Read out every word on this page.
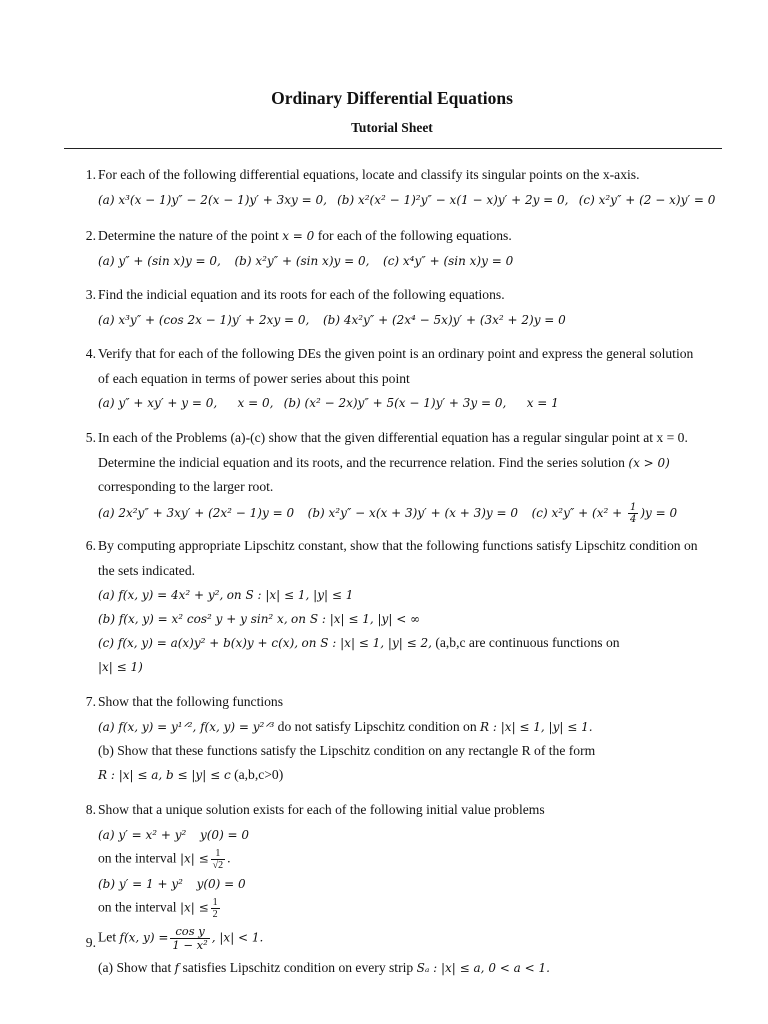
Ordinary Differential Equations
Tutorial Sheet
1. For each of the following differential equations, locate and classify its singular points on the x-axis.
(a) x³(x − 1)y″ − 2(x − 1)y′ + 3xy = 0, (b) x²(x² − 1)²y″ − x(1 − x)y′ + 2y = 0, (c) x²y″ + (2 − x)y′ = 0
2. Determine the nature of the point x = 0 for each of the following equations.
(a) y″ + (sin x)y = 0, (b) x²y″ + (sin x)y = 0, (c) x⁴y″ + (sin x)y = 0
3. Find the indicial equation and its roots for each of the following equations.
(a) x³y″ + (cos 2x − 1)y′ + 2xy = 0, (b) 4x²y″ + (2x⁴ − 5x)y′ + (3x² + 2)y = 0
4. Verify that for each of the following DEs the given point is an ordinary point and express the general solution
of each equation in terms of power series about this point
(a) y″ + xy′ + y = 0, x = 0, (b) (x² − 2x)y″ + 5(x − 1)y′ + 3y = 0, x = 1
5. In each of the Problems (a)-(c) show that the given differential equation has a regular singular point at x = 0.
Determine the indicial equation and its roots, and the recurrence relation. Find the series solution (x > 0)
corresponding to the larger root.
(a) 2x²y″ + 3xy′ + (2x² − 1)y = 0 (b) x²y″ − x(x + 3)y′ + (x + 3)y = 0 (c) $x^2y'' + (x^2 + \frac{1}{4} )y = 0$
6. By computing appropriate Lipschitz constant, show that the following functions satisfy Lipschitz condition on
the sets indicated.
(a) f(x, y) = 4x² + y², on S : |x| ≤ 1, |y| ≤ 1
(b) f(x, y) = x² cos² y + y sin² x, on S : |x| ≤ 1, |y| < ∞
(c) f(x, y) = a(x)y² + b(x)y + c(x), on S : |x| ≤ 1, |y| ≤ 2, (a,b,c are continuous functions on
|x| ≤ 1)
7. Show that the following functions
(a) f(x, y) = y¹ᐟ², f(x, y) = y²ᐟ³ do not satisfy Lipschitz condition on R : |x| ≤ 1, |y| ≤ 1.
(b) Show that these functions satisfy the Lipschitz condition on any rectangle R of the form
R : |x| ≤ a, b ≤ |y| ≤ c (a,b,c>0)
8. Show that a unique solution exists for each of the following initial value problems
(a) y′ = x² + y² y(0) = 0
on the interval $|x| \le \frac{1}{√2}$ .
(b) y′ = 1 + y² y(0) = 0
on the interval $|x| \le \frac{1}{2}$
9. Let f(x, $y) = \frac{\text{cos y}}{\text{1 − x²}}$ , |x| < 1.
(a) Show that f satisfies Lipschitz condition on every strip Sₐ : |x| ≤ a, 0 < a < 1.
